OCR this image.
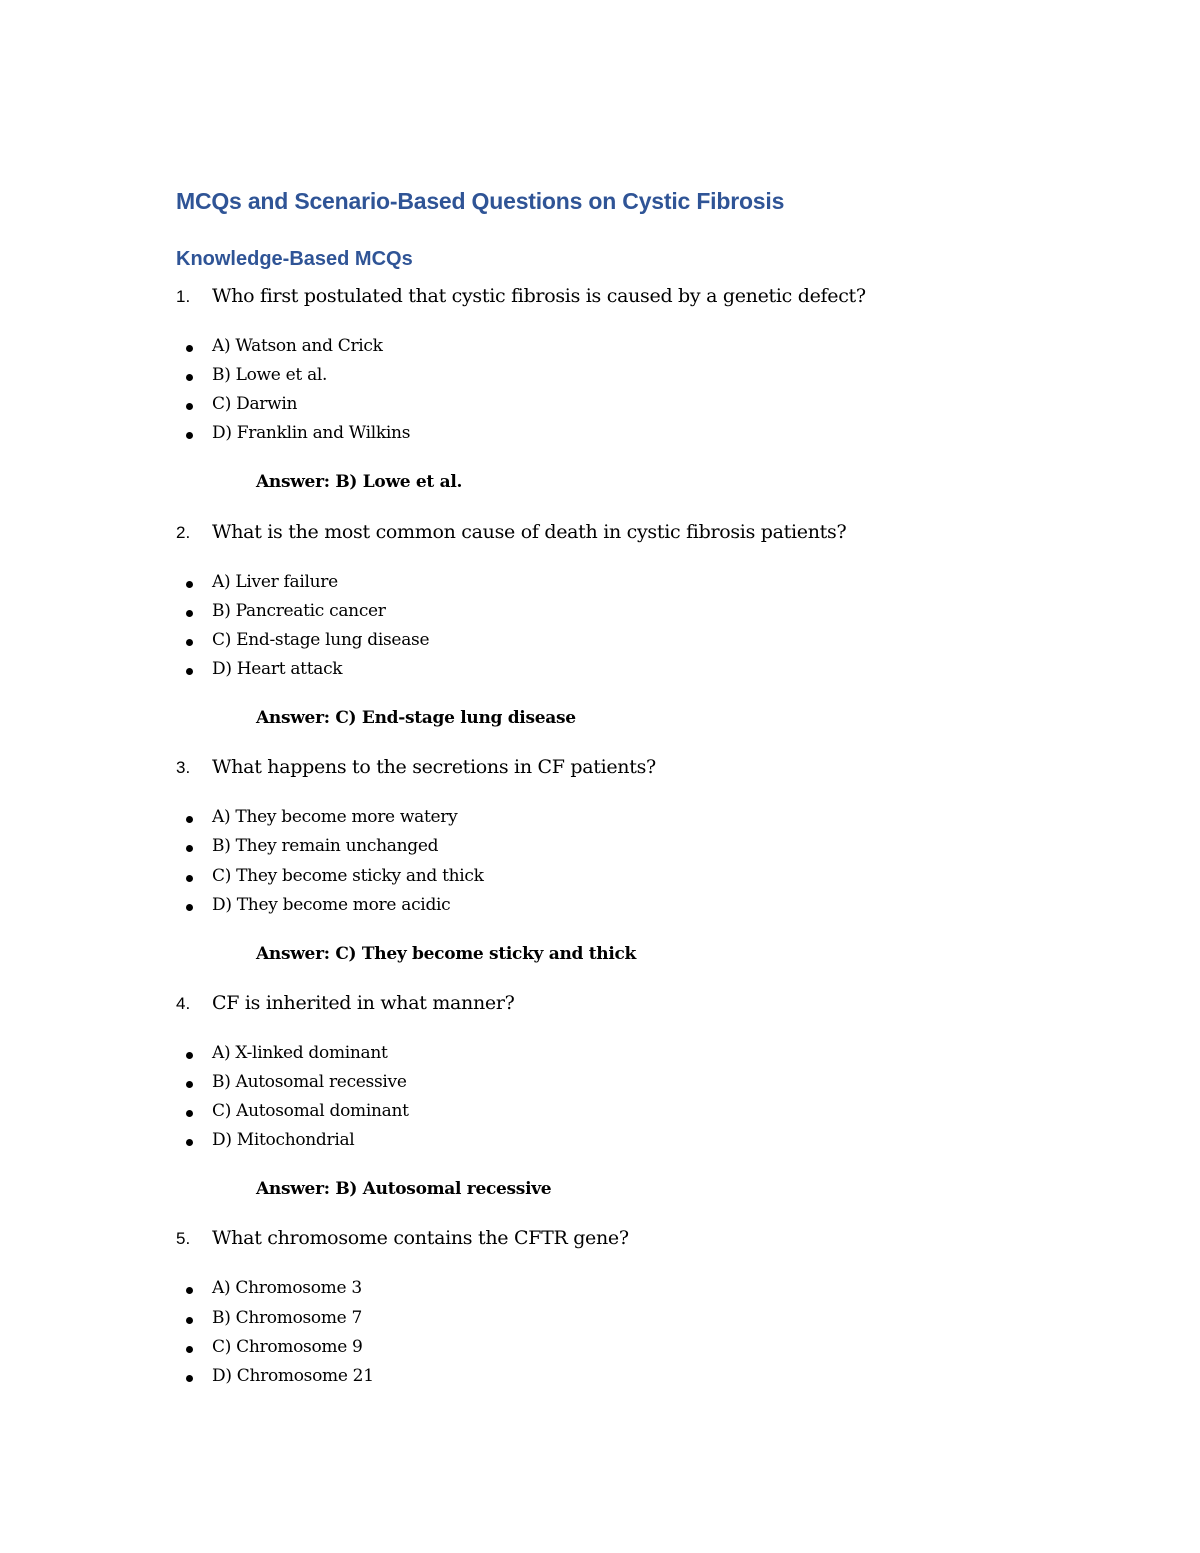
MCQs and Scenario-Based Questions on Cystic Fibrosis
Knowledge-Based MCQs
1. Who first postulated that cystic fibrosis is caused by a genetic defect?
A) Watson and Crick
B) Lowe et al.
C) Darwin
D) Franklin and Wilkins
Answer: B) Lowe et al.
2. What is the most common cause of death in cystic fibrosis patients?
A) Liver failure
B) Pancreatic cancer
C) End-stage lung disease
D) Heart attack
Answer: C) End-stage lung disease
3. What happens to the secretions in CF patients?
A) They become more watery
B) They remain unchanged
C) They become sticky and thick
D) They become more acidic
Answer: C) They become sticky and thick
4. CF is inherited in what manner?
A) X-linked dominant
B) Autosomal recessive
C) Autosomal dominant
D) Mitochondrial
Answer: B) Autosomal recessive
5. What chromosome contains the CFTR gene?
A) Chromosome 3
B) Chromosome 7
C) Chromosome 9
D) Chromosome 21
